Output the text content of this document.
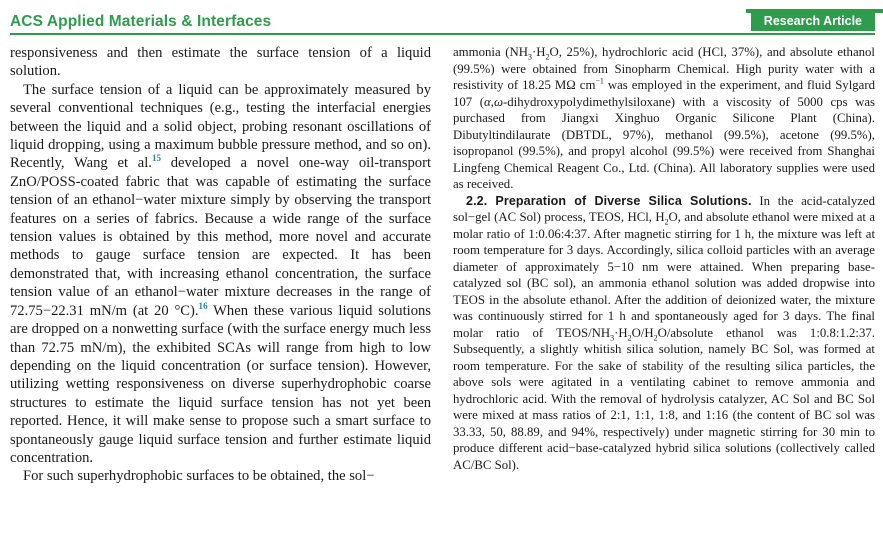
ACS Applied Materials & Interfaces	Research Article

responsiveness and then estimate the surface tension of a liquid solution.

The surface tension of a liquid can be approximately measured by several conventional techniques (e.g., testing the interfacial energies between the liquid and a solid object, probing resonant oscillations of liquid dropping, using a maximum bubble pressure method, and so on). Recently, Wang et al.$^{15}$ developed a novel one-way oil-transport ZnO/POSS-coated fabric that was capable of estimating the surface tension of an ethanol−water mixture simply by observing the transport features on a series of fabrics. Because a wide range of the surface tension values is obtained by this method, more novel and accurate methods to gauge surface tension are expected. It has been demonstrated that, with increasing ethanol concentration, the surface tension value of an ethanol−water mixture decreases in the range of 72.75−22.31 mN/m (at 20 °C).$^{16}$ When these various liquid solutions are dropped on a nonwetting surface (with the surface energy much less than 72.75 mN/m), the exhibited SCAs will range from high to low depending on the liquid concentration (or surface tension). However, utilizing wetting responsiveness on diverse superhydrophobic coarse structures to estimate the liquid surface tension has not yet been reported. Hence, it will make sense to propose such a smart surface to spontaneously gauge liquid surface tension and further estimate liquid concentration.

For such superhydrophobic surfaces to be obtained, the sol−

ammonia ($NH_3\cdot H_2O$, 25%), hydrochloric acid (HCl, 37%), and absolute ethanol (99.5%) were obtained from Sinopharm Chemical. High purity water with a resistivity of 18.25 MΩ $cm^{-1}$ was employed in the experiment, and fluid Sylgard 107 (α,ω-dihydroxypolydimethylsiloxane) with a viscosity of 5000 cps was purchased from Jiangxi Xinghuo Organic Silicone Plant (China). Dibutyltindilaurate (DBTDL, 97%), methanol (99.5%), acetone (99.5%), isopropanol (99.5%), and propyl alcohol (99.5%) were received from Shanghai Lingfeng Chemical Reagent Co., Ltd. (China). All laboratory supplies were used as received.

2.2. Preparation of Diverse Silica Solutions. In the acid-catalyzed sol−gel (AC Sol) process, TEOS, HCl, $H_2O$, and absolute ethanol were mixed at a molar ratio of 1:0.06:4:37. After magnetic stirring for 1 h, the mixture was left at room temperature for 3 days. Accordingly, silica colloid particles with an average diameter of approximately 5−10 nm were attained. When preparing base-catalyzed sol (BC sol), an ammonia ethanol solution was added dropwise into TEOS in the absolute ethanol. After the addition of deionized water, the mixture was continuously stirred for 1 h and spontaneously aged for 3 days. The final molar ratio of TEOS/$NH_3\cdot H_2O/H_2O$/absolute ethanol was 1:0.8:1.2:37. Subsequently, a slightly whitish silica solution, namely BC Sol, was formed at room temperature. For the sake of stability of the resulting silica particles, the above sols were agitated in a ventilating cabinet to remove ammonia and hydrochloric acid. With the removal of hydrolysis catalyzer, AC Sol and BC Sol were mixed at mass ratios of 2:1, 1:1, 1:8, and 1:16 (the content of BC sol was 33.33, 50, 88.89, and 94%, respectively) under magnetic stirring for 30 min to produce different acid−base-catalyzed hybrid silica solutions (collectively called AC/BC Sol).
